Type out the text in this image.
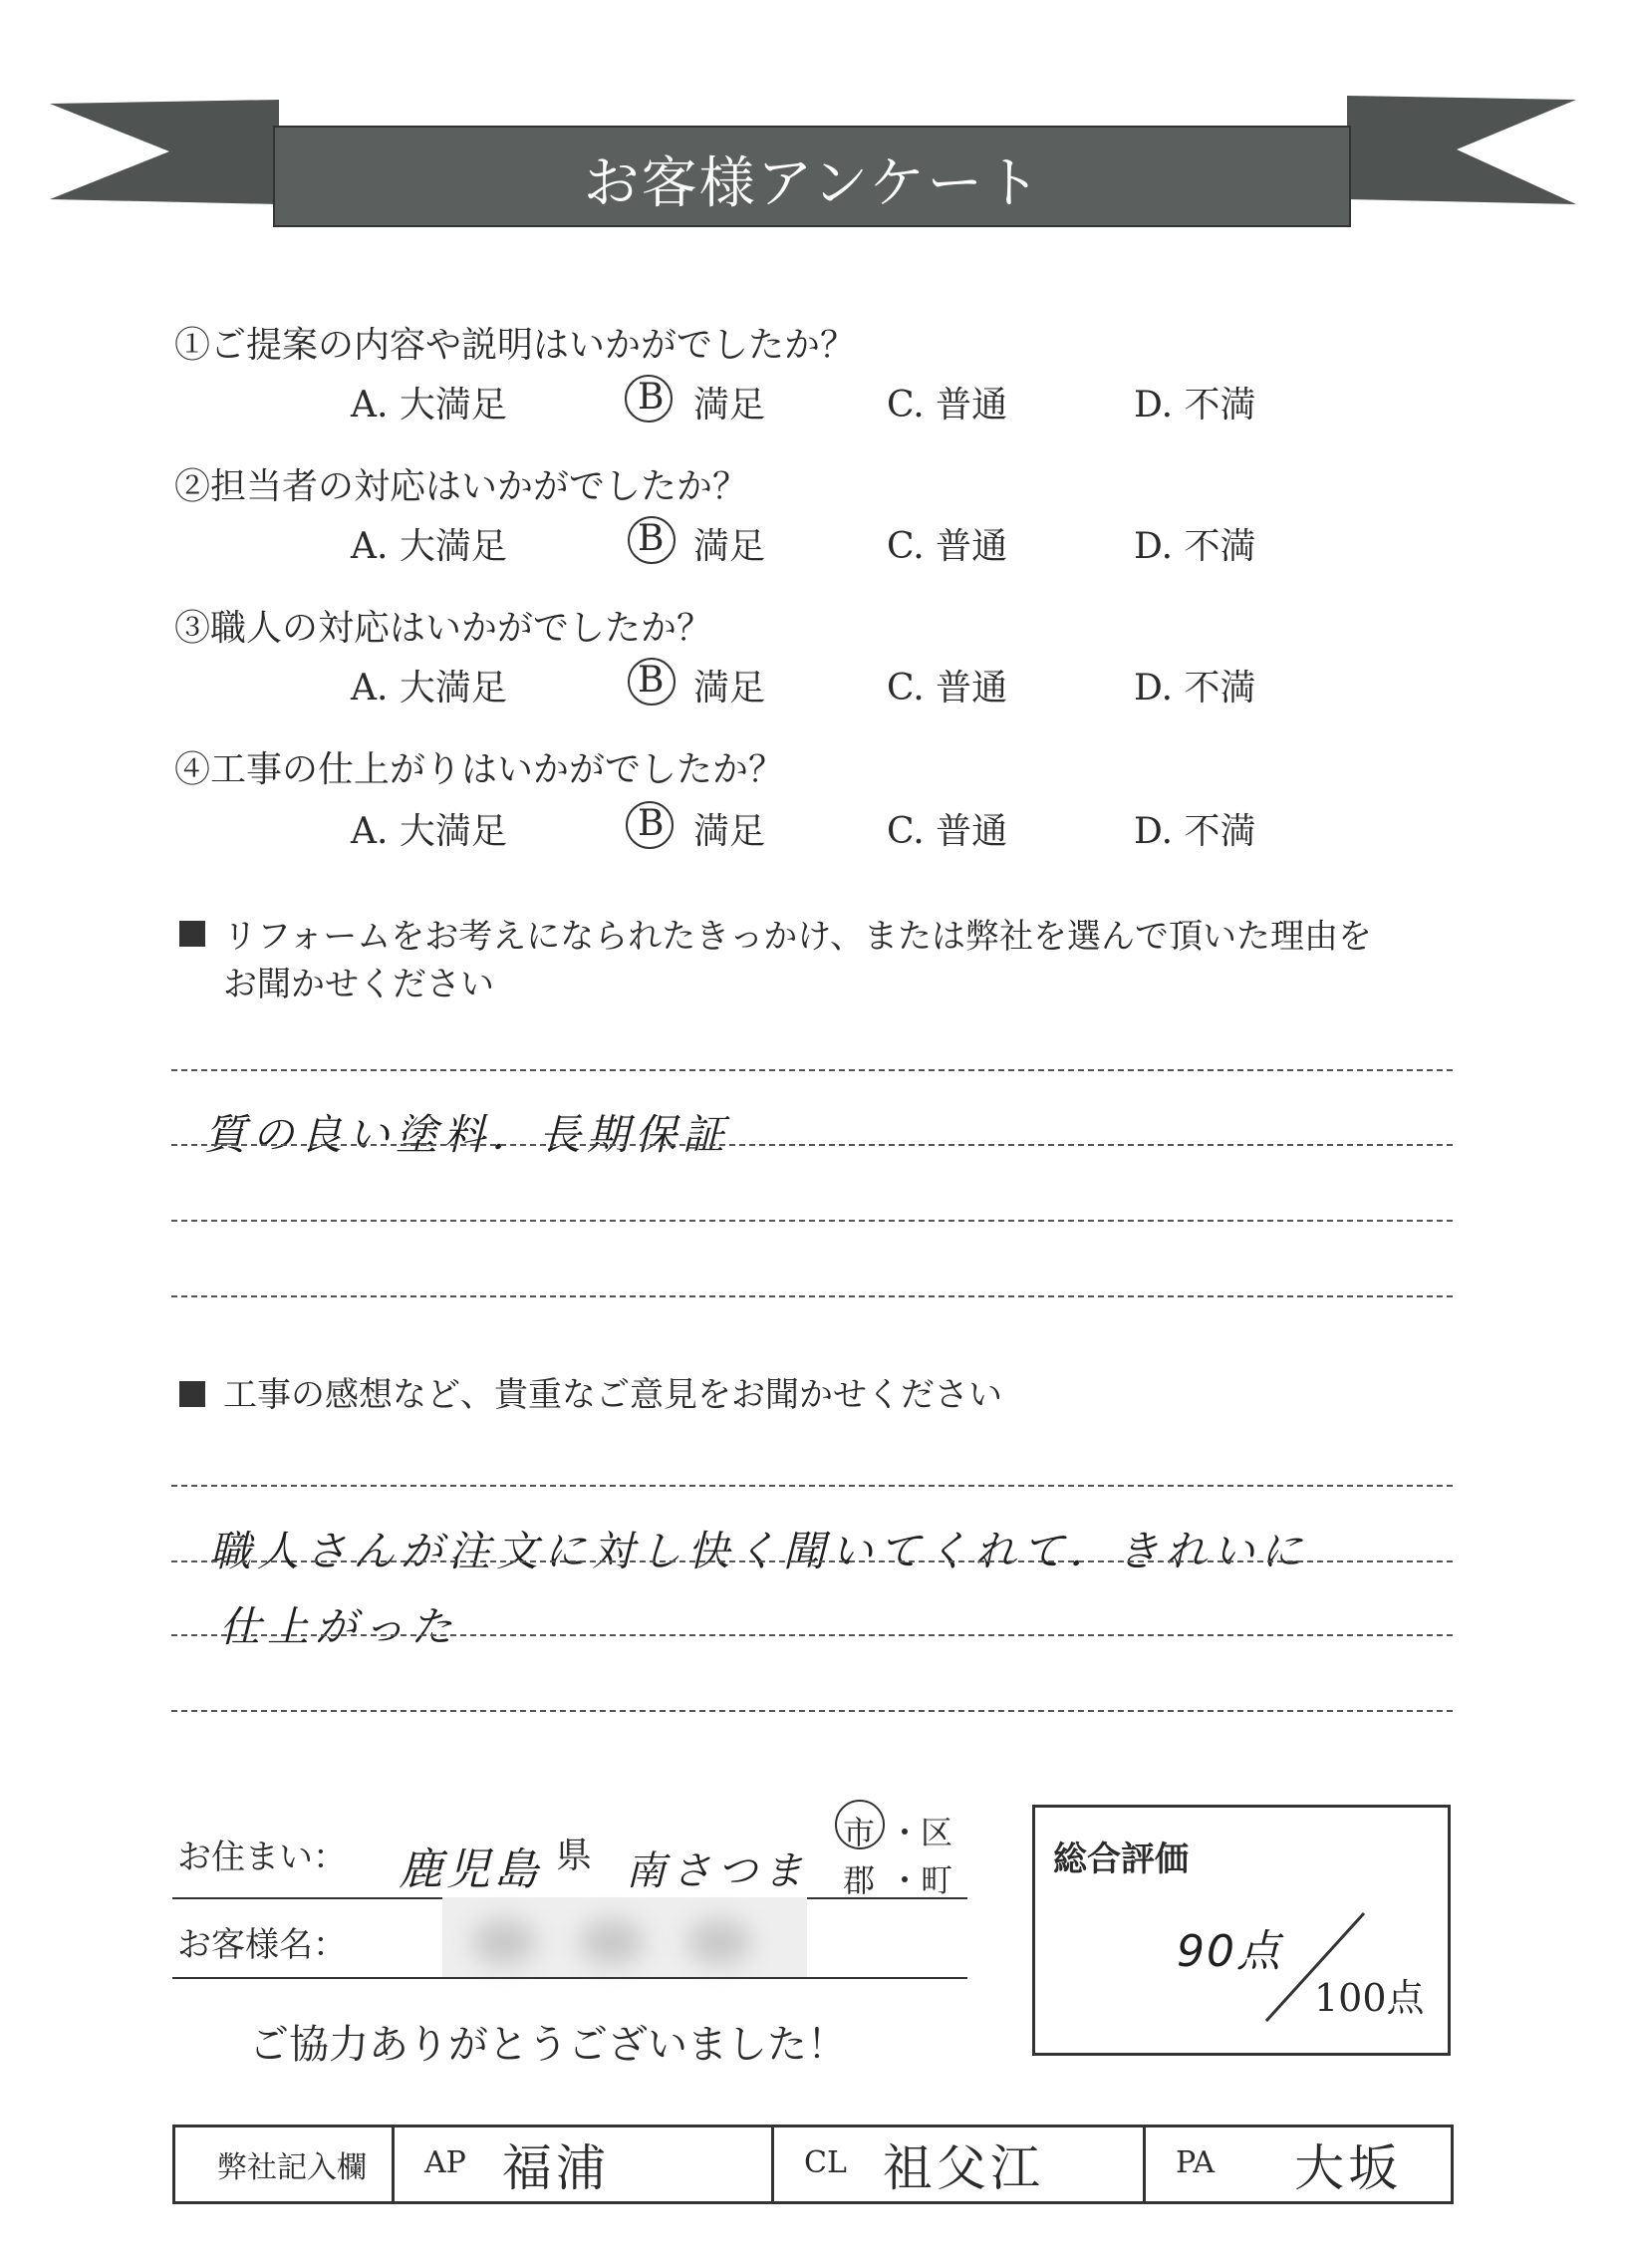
お客様アンケート
①ご提案の内容や説明はいかがでしたか？
A. 大満足	B 満足	C. 普通	D. 不満
②担当者の対応はいかがでしたか？
A. 大満足	B 満足	C. 普通	D. 不満
③職人の対応はいかがでしたか？
A. 大満足	B 満足	C. 普通	D. 不満
④工事の仕上がりはいかがでしたか？
A. 大満足	B 満足	C. 普通	D. 不満
リフォームをお考えになられたきっかけ、または弊社を選んで頂いた理由を
お聞かせください
質の良い塗料．長期保証
工事の感想など、貴重なご意見をお聞かせください
職人さんが注文に対し快く聞いてくれて．きれいに
仕上がった
お住まい： 鹿児島 県 南さつま
市 ・区
郡 ・町
お客様名：
ご協力ありがとうございました！
総合評価
90点
100点
弊社記入欄	AP 福浦	CL 祖父江	PA 大坂
